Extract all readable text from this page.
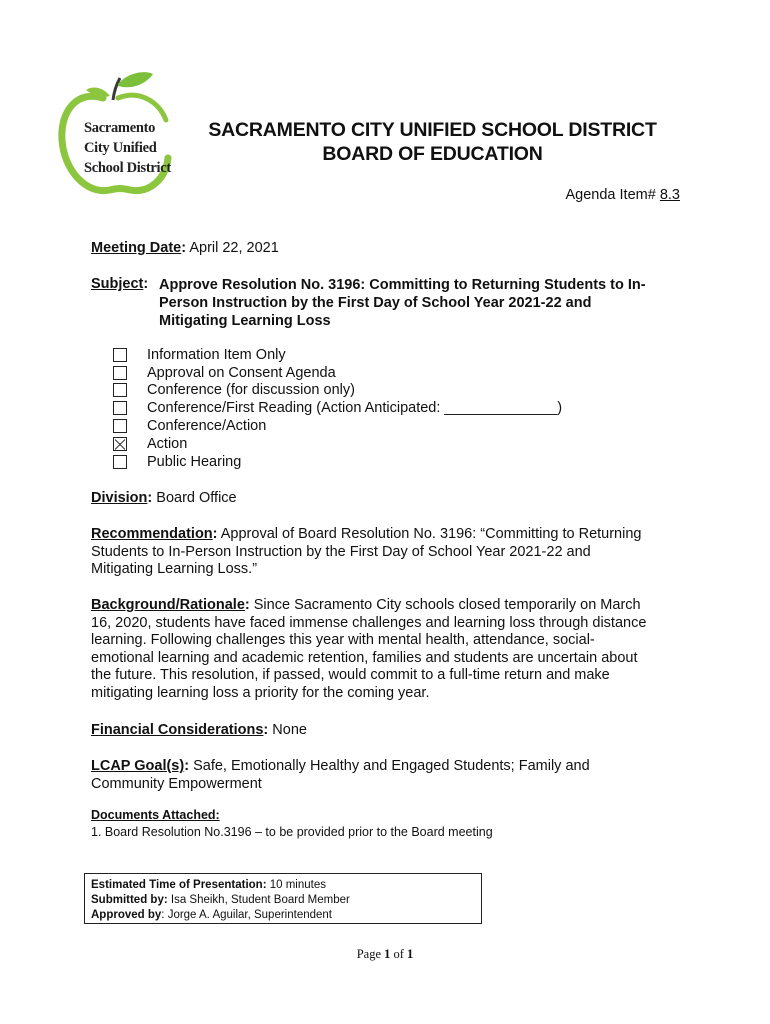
Sacramento
City Unified
School District
SACRAMENTO CITY UNIFIED SCHOOL DISTRICT
BOARD OF EDUCATION
Agenda Item# 8.3
Meeting Date: April 22, 2021
Subject: Approve Resolution No. 3196: Committing to Returning Students to In-
Person Instruction by the First Day of School Year 2021-22 and
Mitigating Learning Loss
Information Item Only
Approval on Consent Agenda
Conference (for discussion only)
Conference/First Reading (Action Anticipated: ______________)
Conference/Action
Action
Public Hearing
Division: Board Office
Recommendation: Approval of Board Resolution No. 3196: “Committing to Returning
Students to In-Person Instruction by the First Day of School Year 2021-22 and
Mitigating Learning Loss.”
Background/Rationale: Since Sacramento City schools closed temporarily on March
16, 2020, students have faced immense challenges and learning loss through distance
learning. Following challenges this year with mental health, attendance, social-
emotional learning and academic retention, families and students are uncertain about
the future. This resolution, if passed, would commit to a full-time return and make
mitigating learning loss a priority for the coming year.
Financial Considerations: None
LCAP Goal(s): Safe, Emotionally Healthy and Engaged Students; Family and
Community Empowerment
Documents Attached:
1. Board Resolution No.3196 – to be provided prior to the Board meeting
Estimated Time of Presentation: 10 minutes
Submitted by: Isa Sheikh, Student Board Member
Approved by: Jorge A. Aguilar, Superintendent
Page 1 of 1
